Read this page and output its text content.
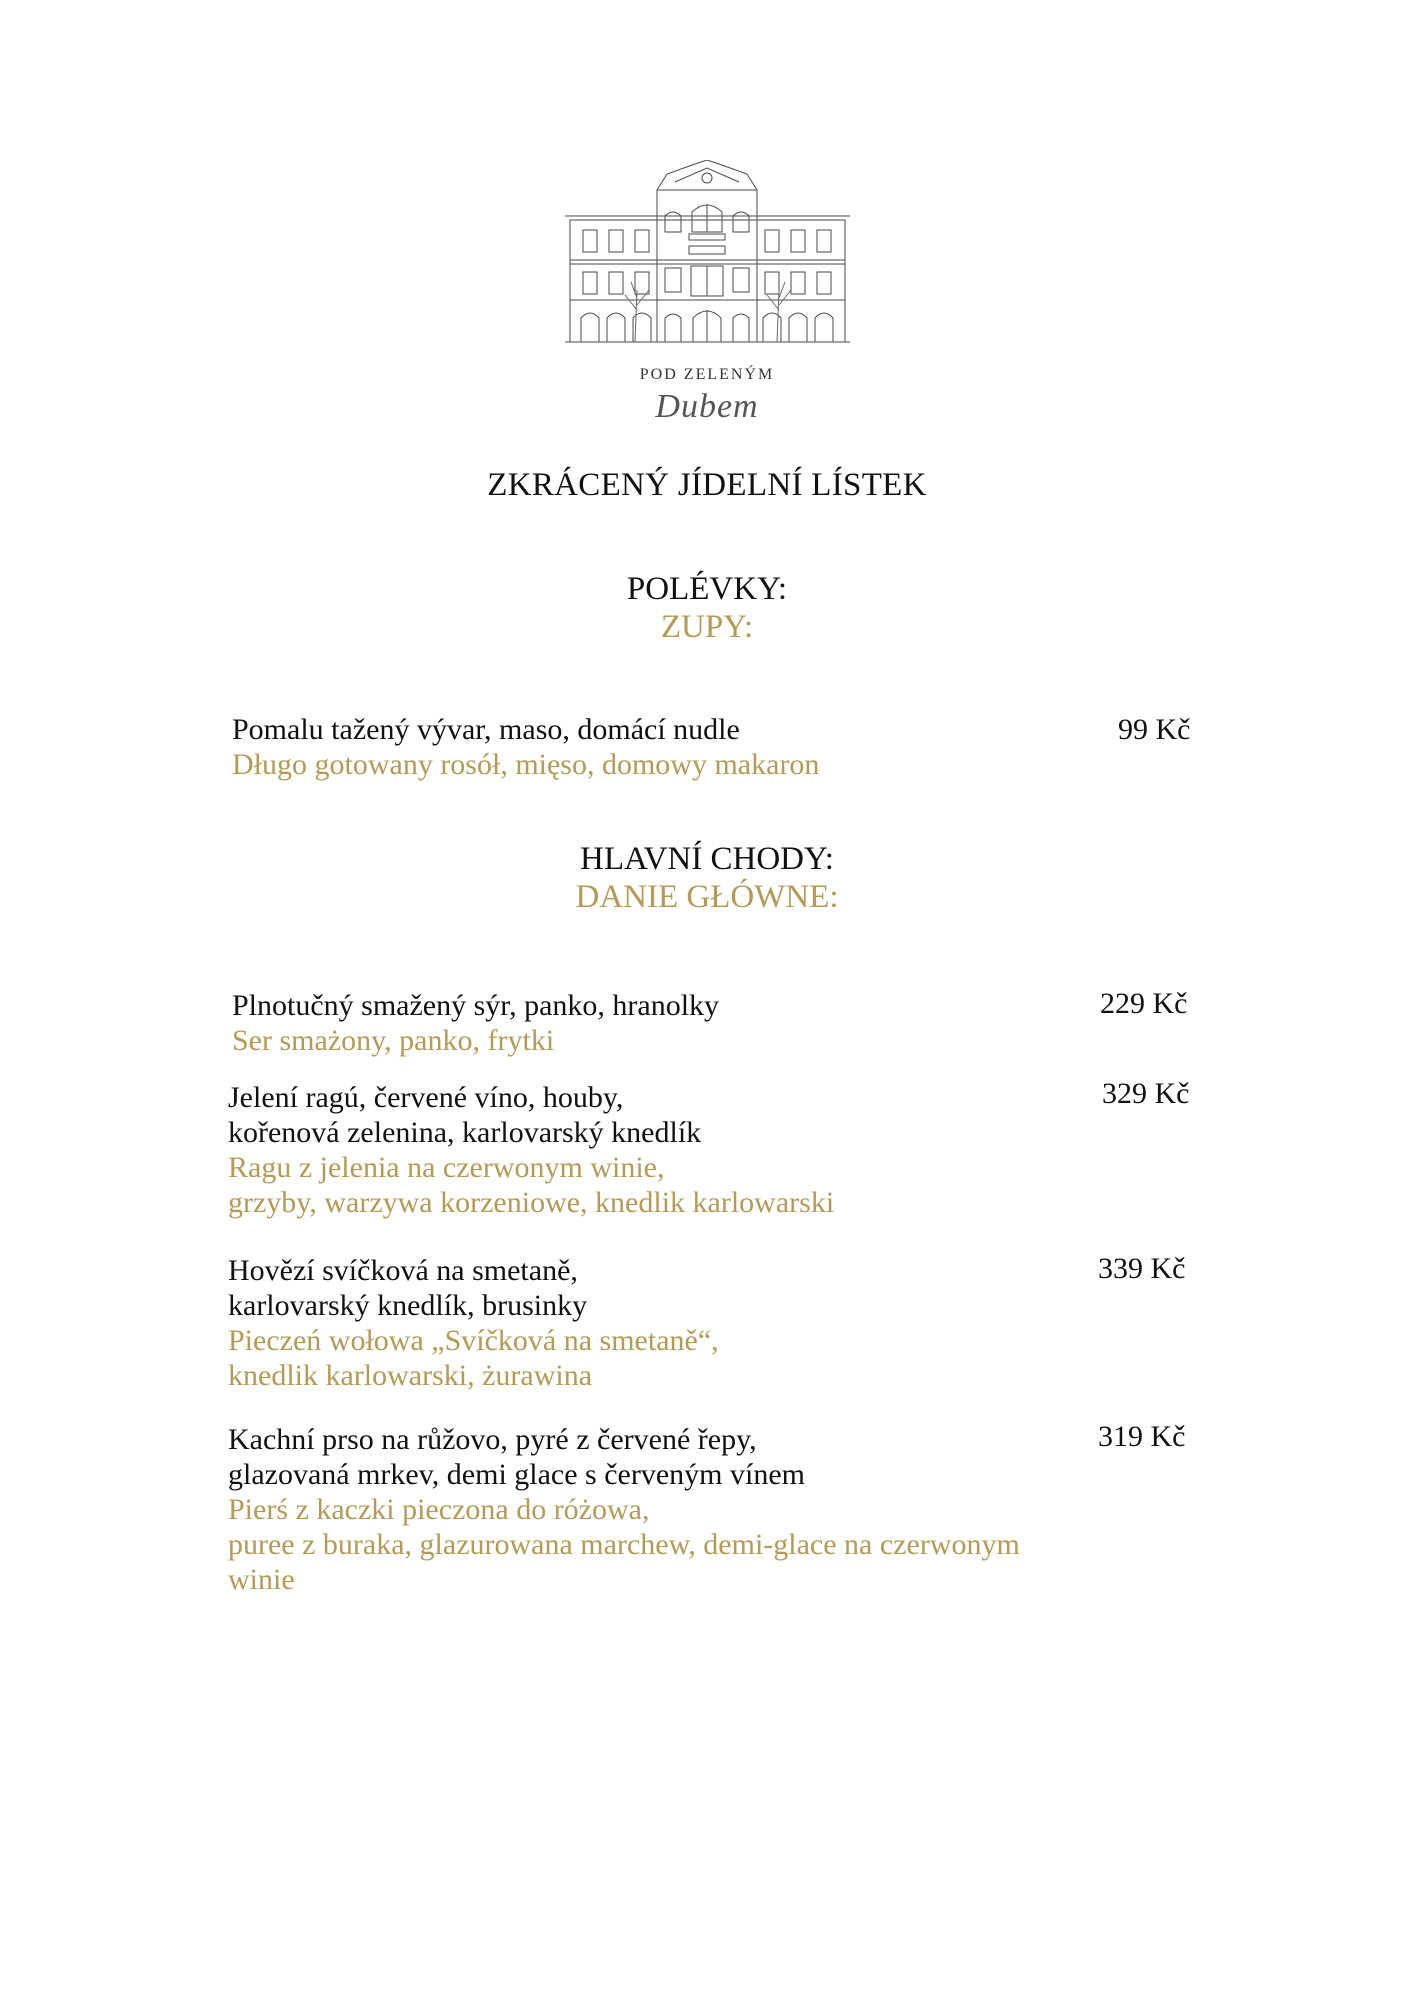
POD ZELENÝM
Dubem
ZKRÁCENÝ JÍDELNÍ LÍSTEK
POLÉVKY:
ZUPY:
Pomalu tažený vývar, maso, domácí nudle
Długo gotowany rosół, mięso, domowy makaron
99 Kč
HLAVNÍ CHODY:
DANIE GŁÓWNE:
Plnotučný smažený sýr, panko, hranolky
Ser smażony, panko, frytki
229 Kč
Jelení ragú, červené víno, houby,
kořenová zelenina, karlovarský knedlík
Ragu z jelenia na czerwonym winie,
grzyby, warzywa korzeniowe, knedlik karlowarski
329 Kč
Hovězí svíčková na smetaně,
karlovarský knedlík, brusinky
Pieczeń wołowa „Svíčková na smetaně“,
knedlik karlowarski, żurawina
339 Kč
Kachní prso na růžovo, pyré z červené řepy,
glazovaná mrkev, demi glace s červeným vínem
Pierś z kaczki pieczona do różowa,
puree z buraka, glazurowana marchew, demi-glace na czerwonym
winie
319 Kč
